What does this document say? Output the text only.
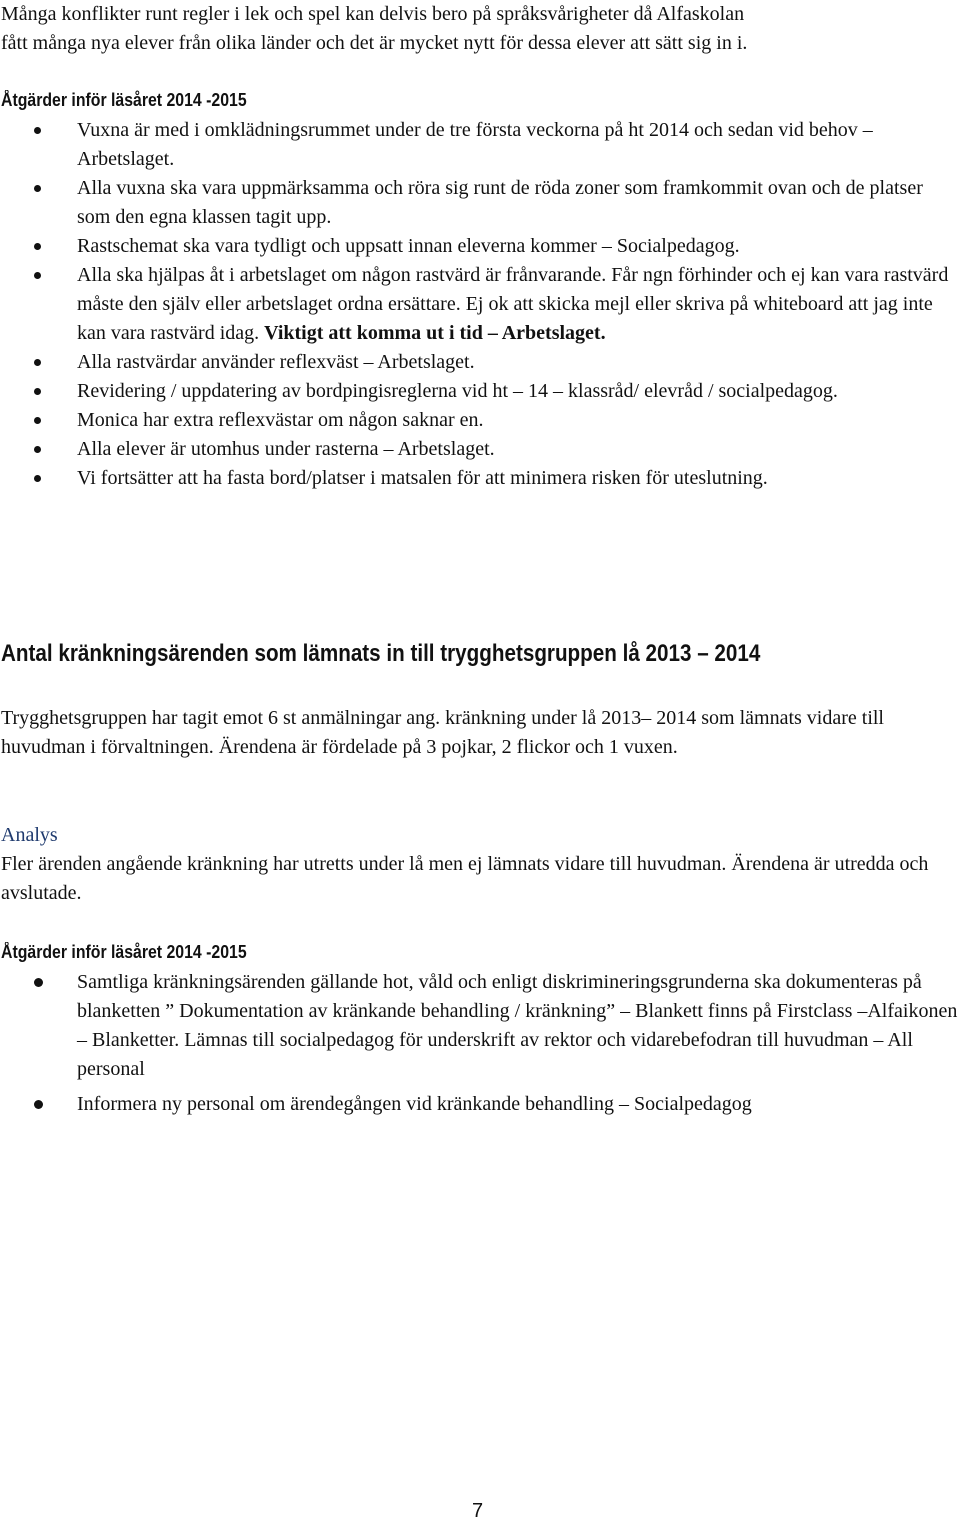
Många konflikter runt regler i lek och spel kan delvis bero på språksvårigheter då Alfaskolan
fått många nya elever från olika länder och det är mycket nytt för dessa elever att sätt sig in i.

Åtgärder inför läsåret 2014 -2015
Vuxna är med i omklädningsrummet under de tre första veckorna på ht 2014 och sedan vid behov – Arbetslaget.
Alla vuxna ska vara uppmärksamma och röra sig runt de röda zoner som framkommit ovan och de platser som den egna klassen tagit upp.
Rastschemat ska vara tydligt och uppsatt innan eleverna kommer – Socialpedagog.
Alla ska hjälpas åt i arbetslaget om någon rastvärd är frånvarande. Får ngn förhinder och ej kan vara rastvärd måste den själv eller arbetslaget ordna ersättare. Ej ok att skicka mejl eller skriva på whiteboard att jag inte kan vara rastvärd idag. Viktigt att komma ut i tid – Arbetslaget.
Alla rastvärdar använder reflexväst – Arbetslaget.
Revidering / uppdatering av bordpingisreglerna vid ht – 14 – klassråd/ elevråd / socialpedagog.
Monica har extra reflexvästar om någon saknar en.
Alla elever är utomhus under rasterna – Arbetslaget.
Vi fortsätter att ha fasta bord/platser i matsalen för att minimera risken för uteslutning.
Antal kränkningsärenden som lämnats in till trygghetsgruppen lå 2013 – 2014

Trygghetsgruppen har tagit emot 6 st anmälningar ang. kränkning under lå 2013– 2014 som lämnats vidare till huvudman i förvaltningen. Ärendena är fördelade på 3 pojkar, 2 flickor och 1 vuxen.

Analys

Fler ärenden angående kränkning har utretts under lå men ej lämnats vidare till huvudman. Ärendena är utredda och avslutade.

Åtgärder inför läsåret 2014 -2015
Samtliga kränkningsärenden gällande hot, våld och enligt diskrimineringsgrunderna ska dokumenteras på blanketten ” Dokumentation av kränkande behandling / kränkning” – Blankett finns på Firstclass –Alfaikonen – Blanketter. Lämnas till socialpedagog för underskrift av rektor och vidarebefodran till huvudman – All personal
Informera ny personal om ärendegången vid kränkande behandling – Socialpedagog
7
